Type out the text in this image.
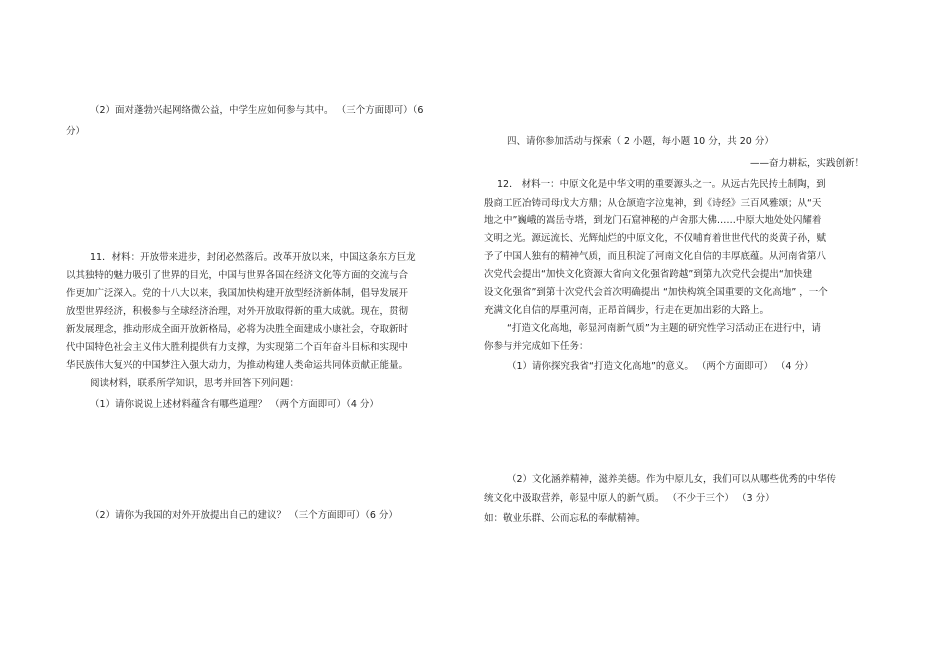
（2）面对蓬勃兴起网络微公益，中学生应如何参与其中。 （三个方面即可）（6
分）
11．材料：开放带来进步，封闭必然落后。改革开放以来，中国这条东方巨龙
以其独特的魅力吸引了世界的目光，中国与世界各国在经济文化等方面的交流与合
作更加广泛深入。党的十八大以来，我国加快构建开放型经济新体制，倡导发展开
放型世界经济，积极参与全球经济治理，对外开放取得新的重大成就。现在，贯彻
新发展理念，推动形成全面开放新格局，必将为决胜全面建成小康社会，夺取新时
代中国特色社会主义伟大胜利提供有力支撑，为实现第二个百年奋斗目标和实现中
华民族伟大复兴的中国梦注入强大动力，为推动构建人类命运共同体贡献正能量。
阅读材料，联系所学知识，思考并回答下列问题：
（1）请你说说上述材料蕴含有哪些道理？ （两个方面即可）（4 分）
（2）请你为我国的对外开放提出自己的建议？ （三个方面即可）（6 分）
四、请你参加活动与探索（ 2 小题，每小题 10 分，共 20 分）
——奋力耕耘，实践创新！
12． 材料一：中原文化是中华文明的重要源头之一。从远古先民抟土制陶，到
殷商工匠冶铸司母戊大方鼎；从仓颉造字泣鬼神，到《诗经》三百风雅颂；从“天
地之中”巍峨的嵩岳寺塔，到龙门石窟神秘的卢舍那大佛……中原大地处处闪耀着
文明之光。源远流长、光辉灿烂的中原文化，不仅哺育着世世代代的炎黄子孙，赋
予了中国人独有的精神气质，而且积淀了河南文化自信的丰厚底蕴。从河南省第八
次党代会提出“加快文化资源大省向文化强省跨越”到第九次党代会提出“加快建
设文化强省”到第十次党代会首次明确提出 “加快构筑全国重要的文化高地” ，一个
充满文化自信的厚重河南，正昂首阔步，行走在更加出彩的大路上。
“打造文化高地，彰显河南新气质”为主题的研究性学习活动正在进行中，请
你参与并完成如下任务：
（1）请你探究我省“打造文化高地”的意义。 （两个方面即可） （4 分）
（2）文化涵养精神，滋养美德。作为中原儿女，我们可以从哪些优秀的中华传
统文化中汲取营养，彰显中原人的新气质。 （不少于三个） （3 分）
如：敬业乐群、公而忘私的奉献精神。
